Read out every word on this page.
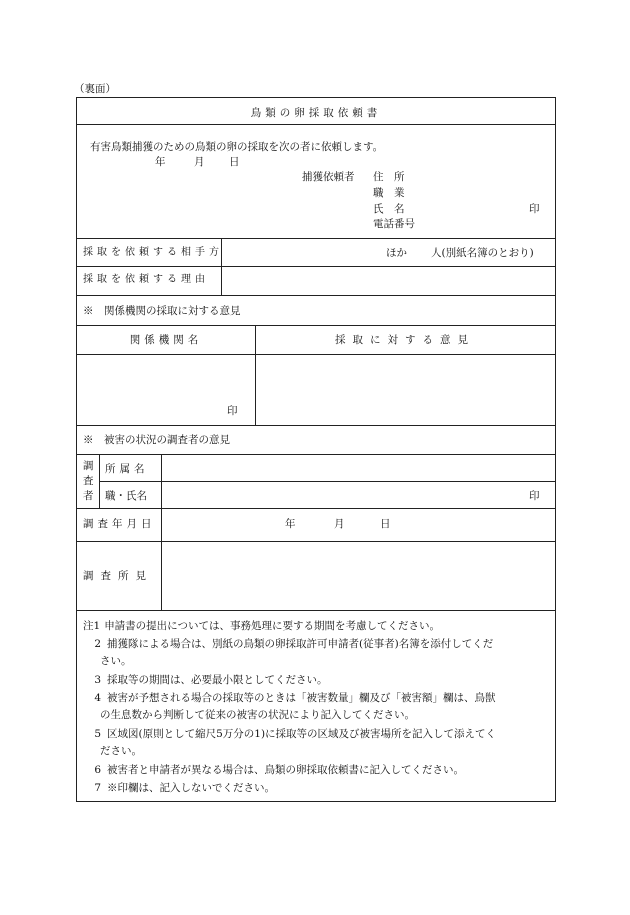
（裏面）
鳥類の卵採取依頼書
有害鳥類捕獲のための鳥類の卵の採取を次の者に依頼します。
年	月 日
捕獲依頼者 住　所
職　業
氏　名	印
電話番号
採取を依頼する相手方	ほか 人(別紙名簿のとおり)
採取を依頼する理由
※　関係機関の採取に対する意見
関係機関名	採取に対する意見
印
※　被害の状況の調査者の意見
調
査
者
所属名
職・氏名	印
調査年月日	年	月	日
調査所見
注1 申請書の提出については、事務処理に要する期間を考慮してください。
2 捕獲隊による場合は、別紙の鳥類の卵採取許可申請者(従事者)名簿を添付してくだ
さい。
3 採取等の期間は、必要最小限としてください。
4 被害が予想される場合の採取等のときは「被害数量」欄及び「被害額」欄は、鳥獣
の生息数から判断して従来の被害の状況により記入してください。
5 区域図(原則として縮尺5万分の1)に採取等の区域及び被害場所を記入して添えてく
ださい。
6 被害者と申請者が異なる場合は、鳥類の卵採取依頼書に記入してください。
7 ※印欄は、記入しないでください。
